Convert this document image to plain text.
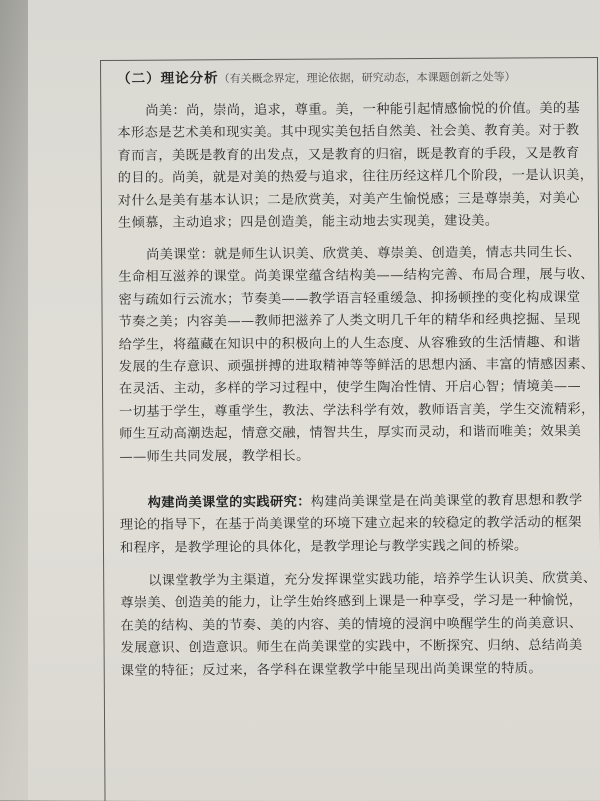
（二）理论分析（有关概念界定，理论依据，研究动态，本课题创新之处等）
尚美：尚，崇尚，追求，尊重。美，一种能引起情感愉悦的价值。美的基
本形态是艺术美和现实美。其中现实美包括自然美、社会美、教育美。对于教
育而言，美既是教育的出发点，又是教育的归宿，既是教育的手段，又是教育
的目的。尚美，就是对美的热爱与追求，往往历经这样几个阶段，一是认识美，
对什么是美有基本认识；二是欣赏美，对美产生愉悦感；三是尊崇美，对美心
生倾慕，主动追求；四是创造美，能主动地去实现美，建设美。
尚美课堂：就是师生认识美、欣赏美、尊崇美、创造美，情志共同生长、
生命相互滋养的课堂。尚美课堂蕴含结构美——结构完善、布局合理，展与收、
密与疏如行云流水；节奏美——教学语言轻重缓急、抑扬顿挫的变化构成课堂
节奏之美；内容美——教师把滋养了人类文明几千年的精华和经典挖掘、呈现
给学生，将蕴藏在知识中的积极向上的人生态度、从容雅致的生活情趣、和谐
发展的生存意识、顽强拼搏的进取精神等等鲜活的思想内涵、丰富的情感因素、
在灵活、主动，多样的学习过程中，使学生陶冶性情、开启心智；情境美——
一切基于学生，尊重学生，教法、学法科学有效，教师语言美，学生交流精彩，
师生互动高潮迭起，情意交融，情智共生，厚实而灵动，和谐而唯美；效果美
——师生共同发展，教学相长。
构建尚美课堂的实践研究：构建尚美课堂是在尚美课堂的教育思想和教学
理论的指导下，在基于尚美课堂的环境下建立起来的较稳定的教学活动的框架
和程序，是教学理论的具体化，是教学理论与教学实践之间的桥梁。
以课堂教学为主渠道，充分发挥课堂实践功能，培养学生认识美、欣赏美、
尊崇美、创造美的能力，让学生始终感到上课是一种享受，学习是一种愉悦，
在美的结构、美的节奏、美的内容、美的情境的浸润中唤醒学生的尚美意识、
发展意识、创造意识。师生在尚美课堂的实践中，不断探究、归纳、总结尚美
课堂的特征；反过来，各学科在课堂教学中能呈现出尚美课堂的特质。
